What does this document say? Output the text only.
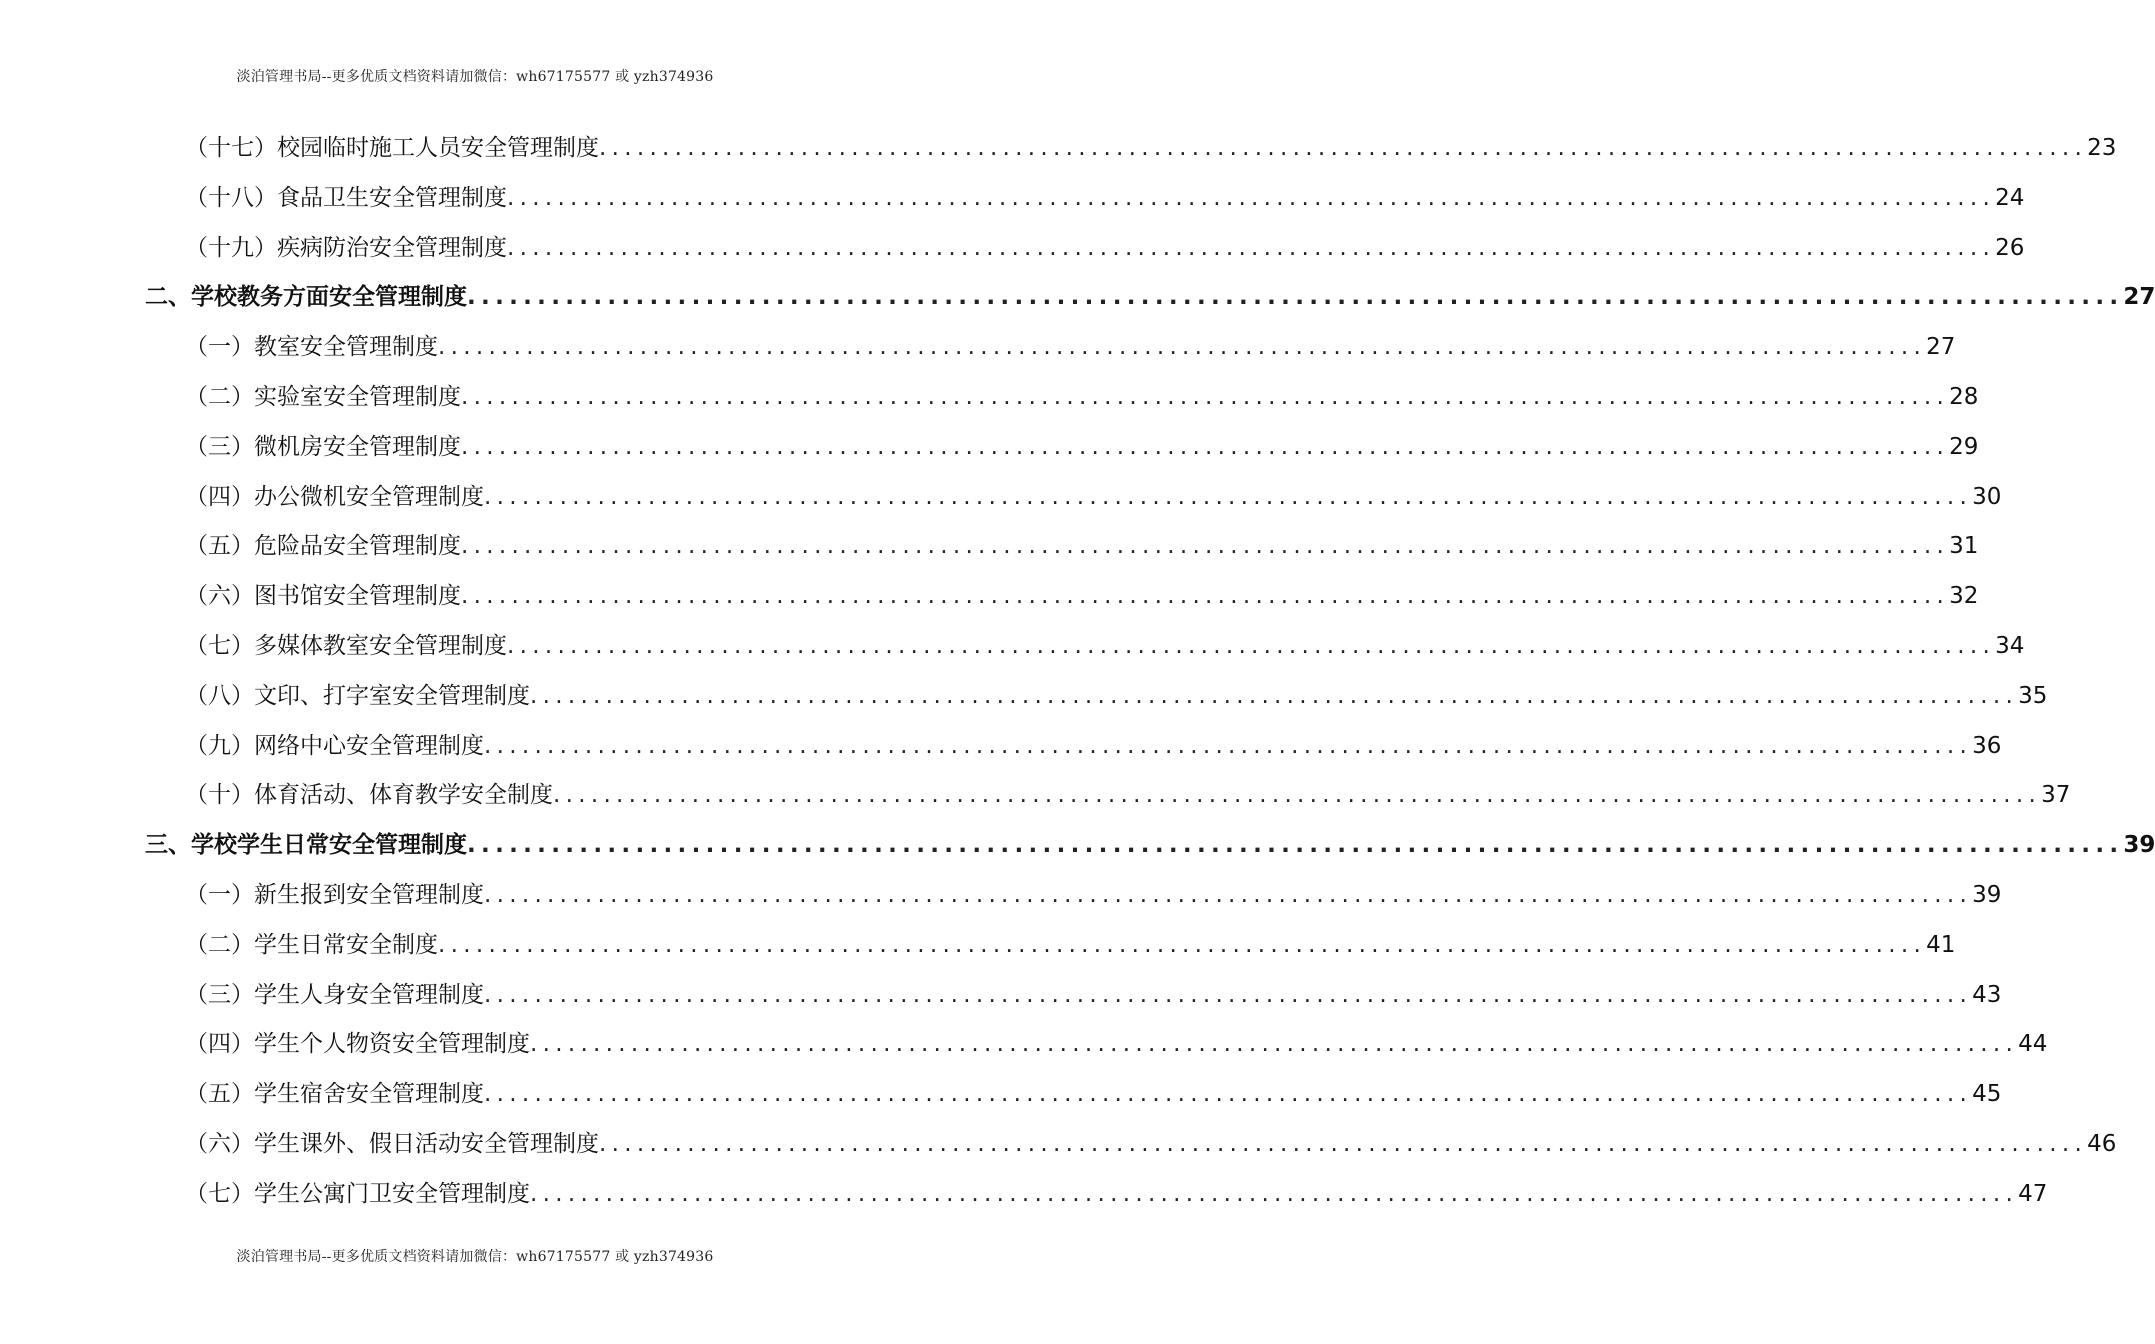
淡泊管理书局--更多优质文档资料请加微信：wh67175577 或 yzh374936
（十七）校园临时施工人员安全管理制度 ...................................................................................................................... 23
（十八）食品卫生安全管理制度 ...................................................................................................................... 24
（十九）疾病防治安全管理制度 ...................................................................................................................... 26
二、学校教务方面安全管理制度 ...................................................................................................................... 27
（一）教室安全管理制度 ...................................................................................................................... 27
（二）实验室安全管理制度 ...................................................................................................................... 28
（三）微机房安全管理制度 ...................................................................................................................... 29
（四）办公微机安全管理制度 ...................................................................................................................... 30
（五）危险品安全管理制度 ...................................................................................................................... 31
（六）图书馆安全管理制度 ...................................................................................................................... 32
（七）多媒体教室安全管理制度 ...................................................................................................................... 34
（八）文印、打字室安全管理制度 ...................................................................................................................... 35
（九）网络中心安全管理制度 ...................................................................................................................... 36
（十）体育活动、体育教学安全制度 ...................................................................................................................... 37
三、学校学生日常安全管理制度 ...................................................................................................................... 39
（一）新生报到安全管理制度 ...................................................................................................................... 39
（二）学生日常安全制度 ...................................................................................................................... 41
（三）学生人身安全管理制度 ...................................................................................................................... 43
（四）学生个人物资安全管理制度 ...................................................................................................................... 44
（五）学生宿舍安全管理制度 ...................................................................................................................... 45
（六）学生课外、假日活动安全管理制度 ...................................................................................................................... 46
（七）学生公寓门卫安全管理制度 ...................................................................................................................... 47
淡泊管理书局--更多优质文档资料请加微信：wh67175577 或 yzh374936
